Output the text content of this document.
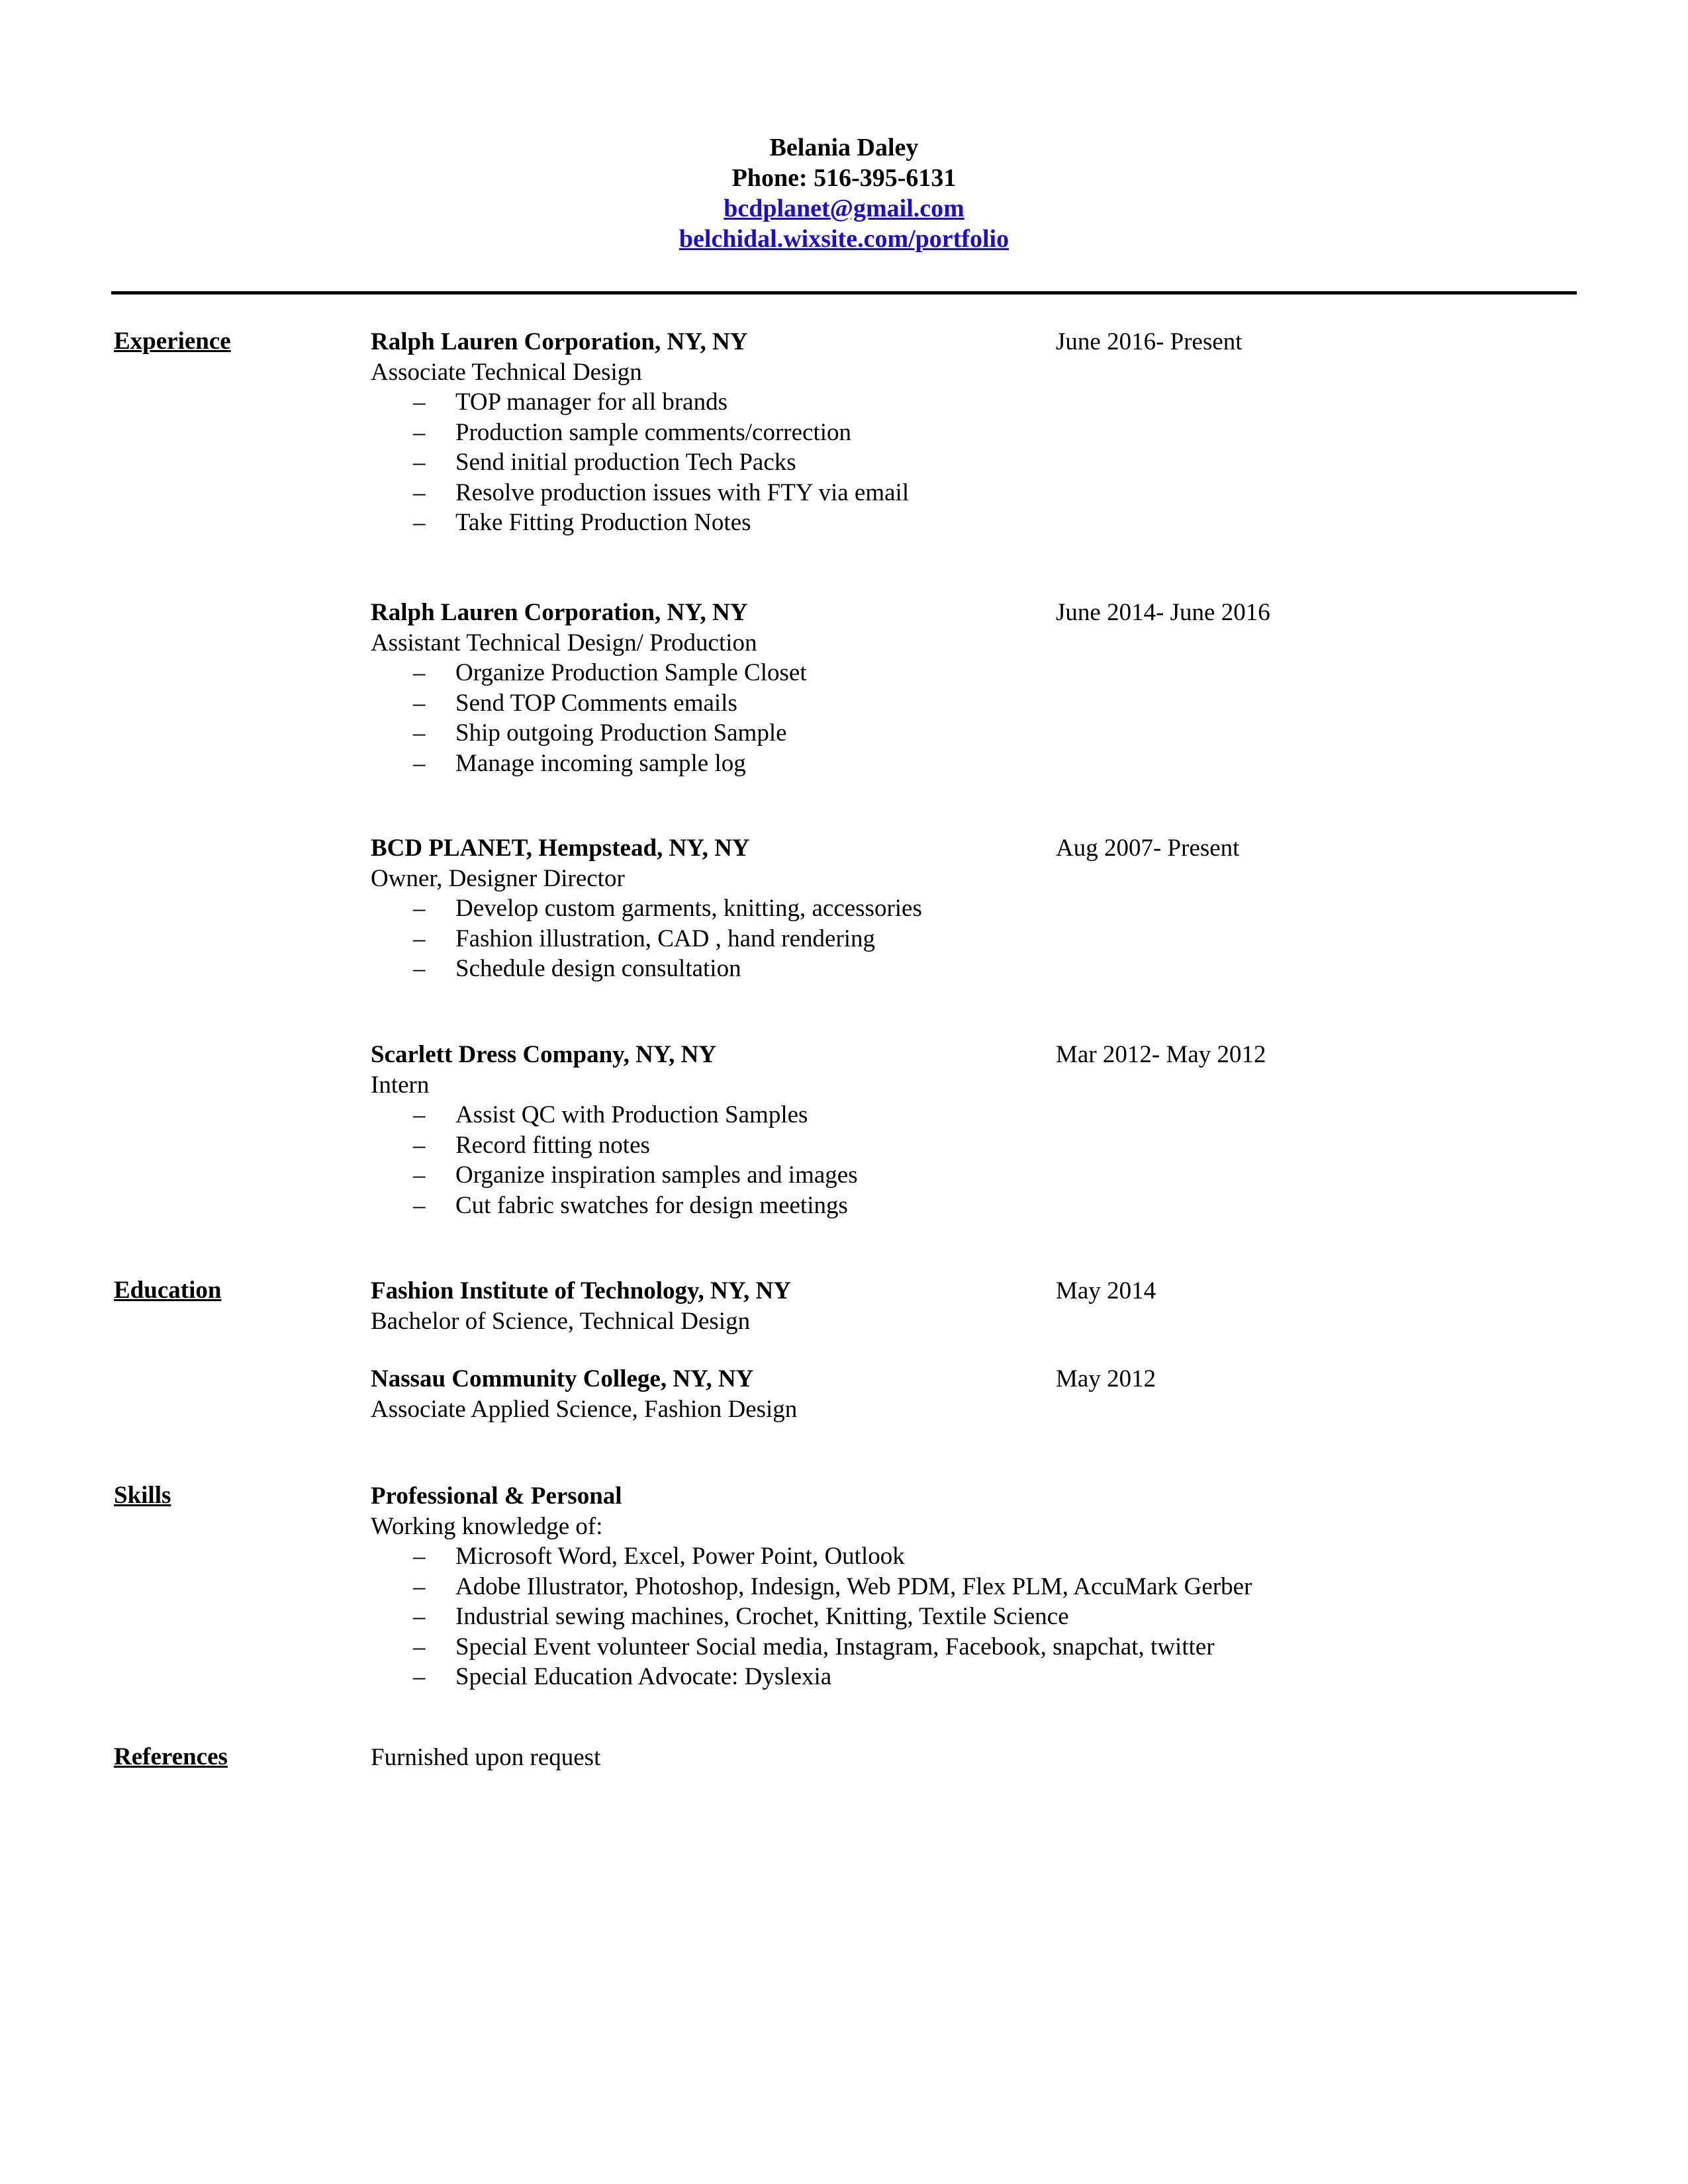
Belania Daley
Phone: 516-395-6131
bcdplanet@gmail.com
belchidal.wixsite.com/portfolio
Experience	Ralph Lauren Corporation, NY, NY	June 2016- Present
Associate Technical Design
– TOP manager for all brands
– Production sample comments/correction
– Send initial production Tech Packs
– Resolve production issues with FTY via email
– Take Fitting Production Notes
Ralph Lauren Corporation, NY, NY	June 2014- June 2016
Assistant Technical Design/ Production
– Organize Production Sample Closet
– Send TOP Comments emails
– Ship outgoing Production Sample
– Manage incoming sample log
BCD PLANET, Hempstead, NY, NY	Aug 2007- Present
Owner, Designer Director
– Develop custom garments, knitting, accessories
– Fashion illustration, CAD , hand rendering
– Schedule design consultation
Scarlett Dress Company, NY, NY	Mar 2012- May 2012
Intern
– Assist QC with Production Samples
– Record fitting notes
– Organize inspiration samples and images
– Cut fabric swatches for design meetings
Education	Fashion Institute of Technology, NY, NY	May 2014
Bachelor of Science, Technical Design
Nassau Community College, NY, NY	May 2012
Associate Applied Science, Fashion Design
Skills	Professional & Personal
Working knowledge of:
– Microsoft Word, Excel, Power Point, Outlook
– Adobe Illustrator, Photoshop, Indesign, Web PDM, Flex PLM, AccuMark Gerber
– Industrial sewing machines, Crochet, Knitting, Textile Science
– Special Event volunteer Social media, Instagram, Facebook, snapchat, twitter
– Special Education Advocate: Dyslexia
References	Furnished upon request
